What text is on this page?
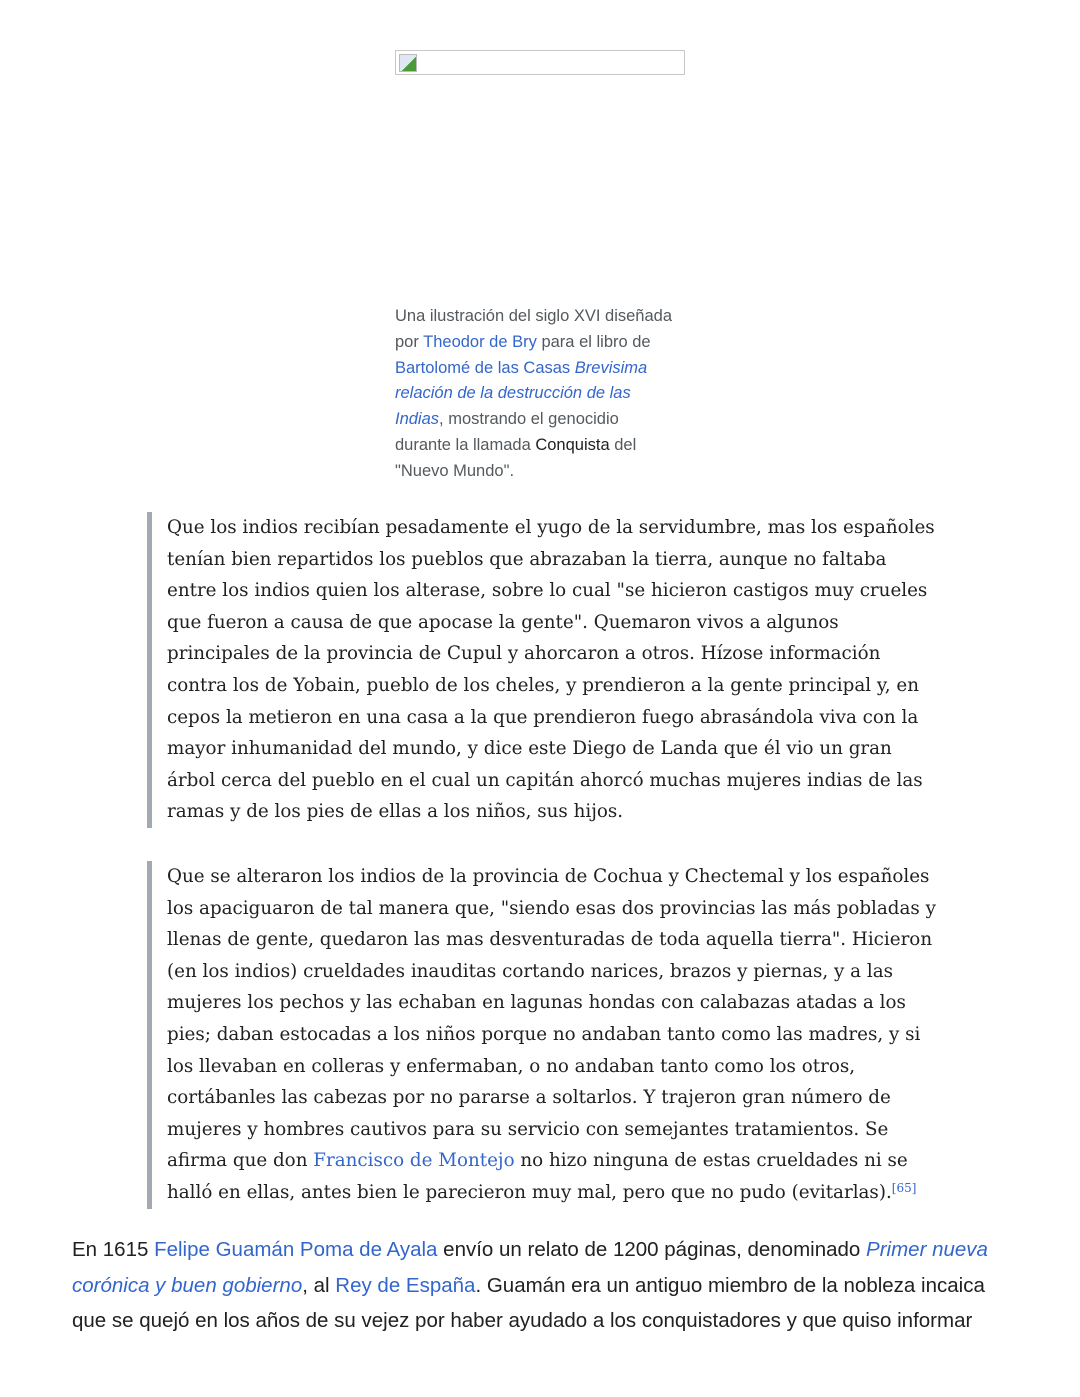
Una ilustración del siglo XVI diseñada
por Theodor de Bry para el libro de
Bartolomé de las Casas Brevisima
relación de la destrucción de las
Indias, mostrando el genocidio
durante la llamada Conquista del
"Nuevo Mundo".

Que los indios recibían pesadamente el yugo de la servidumbre, mas los españoles
tenían bien repartidos los pueblos que abrazaban la tierra, aunque no faltaba
entre los indios quien los alterase, sobre lo cual "se hicieron castigos muy crueles
que fueron a causa de que apocase la gente". Quemaron vivos a algunos
principales de la provincia de Cupul y ahorcaron a otros. Hízose información
contra los de Yobain, pueblo de los cheles, y prendieron a la gente principal y, en
cepos la metieron en una casa a la que prendieron fuego abrasándola viva con la
mayor inhumanidad del mundo, y dice este Diego de Landa que él vio un gran
árbol cerca del pueblo en el cual un capitán ahorcó muchas mujeres indias de las
ramas y de los pies de ellas a los niños, sus hijos.
Que se alteraron los indios de la provincia de Cochua y Chectemal y los españoles
los apaciguaron de tal manera que, "siendo esas dos provincias las más pobladas y
llenas de gente, quedaron las mas desventuradas de toda aquella tierra". Hicieron
(en los indios) crueldades inauditas cortando narices, brazos y piernas, y a las
mujeres los pechos y las echaban en lagunas hondas con calabazas atadas a los
pies; daban estocadas a los niños porque no andaban tanto como las madres, y si
los llevaban en colleras y enfermaban, o no andaban tanto como los otros,
cortábanles las cabezas por no pararse a soltarlos. Y trajeron gran número de
mujeres y hombres cautivos para su servicio con semejantes tratamientos. Se
afirma que don Francisco de Montejo no hizo ninguna de estas crueldades ni se
halló en ellas, antes bien le parecieron muy mal, pero que no pudo (evitarlas).[65]

En 1615 Felipe Guamán Poma de Ayala envío un relato de 1200 páginas, denominado Primer nueva
corónica y buen gobierno, al Rey de España. Guamán era un antiguo miembro de la nobleza incaica
que se quejó en los años de su vejez por haber ayudado a los conquistadores y que quiso informar
